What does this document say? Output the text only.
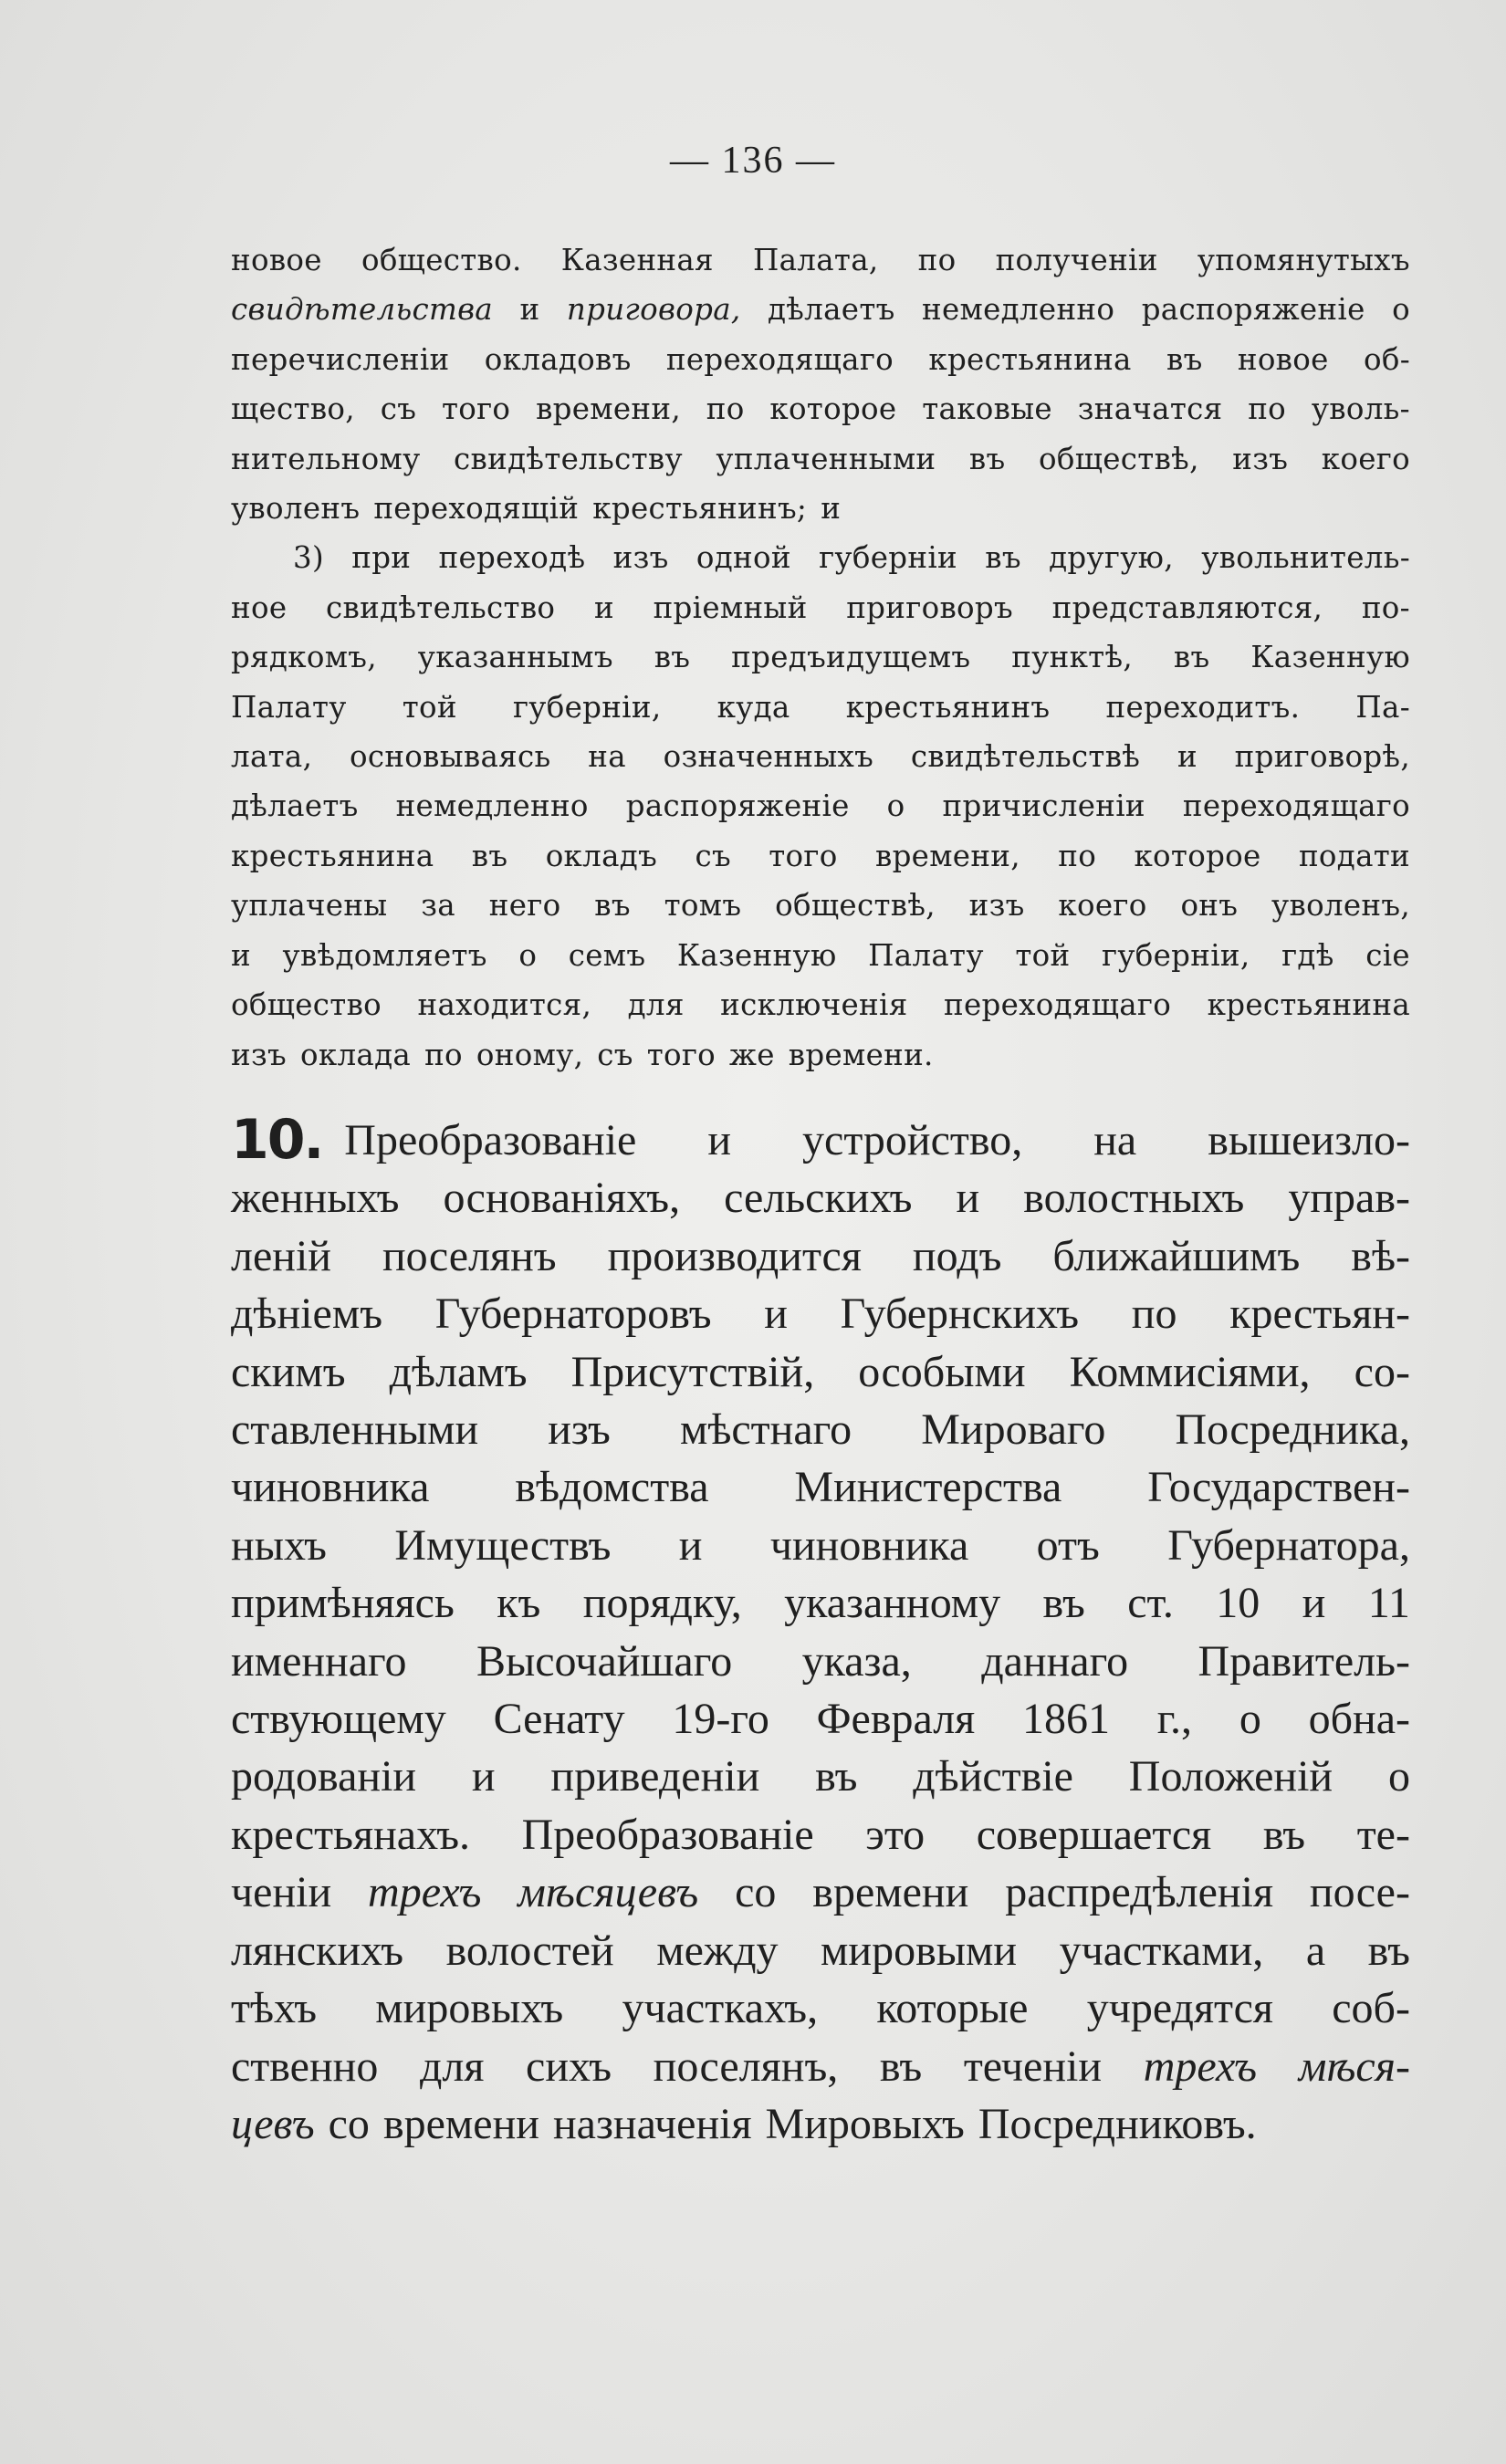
— 136 —
новое общество. Казенная Палата, по полученіи упомянутыхъ
свидѣтельства и приговора, дѣлаетъ немедленно распоряженіе о
перечисленіи окладовъ переходящаго крестьянина въ новое об-
щество, съ того времени, по которое таковые значатся по уволь-
нительному свидѣтельству уплаченными въ обществѣ, изъ коего
уволенъ переходящій крестьянинъ; и
3) при переходѣ изъ одной губерніи въ другую, увольнитель-
ное свидѣтельство и пріемный приговоръ представляются, по-
рядкомъ, указаннымъ въ предъидущемъ пунктѣ, въ Казенную
Палату той губерніи, куда крестьянинъ переходитъ. Па-
лата, основываясь на означенныхъ свидѣтельствѣ и приговорѣ,
дѣлаетъ немедленно распоряженіе о причисленіи переходящаго
крестьянина въ окладъ съ того времени, по которое подати
уплачены за него въ томъ обществѣ, изъ коего онъ уволенъ,
и увѣдомляетъ о семъ Казенную Палату той губерніи, гдѣ сіе
общество находится, для исключенія переходящаго крестьянина
изъ оклада по оному, съ того же времени.
10. Преобразованіе и устройство, на вышеизло-
женныхъ основаніяхъ, сельскихъ и волостныхъ управ-
леній поселянъ производится подъ ближайшимъ вѣ-
дѣніемъ Губернаторовъ и Губернскихъ по крестьян-
скимъ дѣламъ Присутствій, особыми Коммисіями, со-
ставленными изъ мѣстнаго Мироваго Посредника,
чиновника вѣдомства Министерства Государствен-
ныхъ Имуществъ и чиновника отъ Губернатора,
примѣняясь къ порядку, указанному въ ст. 10 и 11
именнаго Высочайшаго указа, даннаго Правитель-
ствующему Сенату 19-го Февраля 1861 г., о обна-
родованіи и приведеніи въ дѣйствіе Положеній о
крестьянахъ. Преобразованіе это совершается въ те-
ченіи трехъ мѣсяцевъ со времени распредѣленія посе-
лянскихъ волостей между мировыми участками, а въ
тѣхъ мировыхъ участкахъ, которые учредятся соб-
ственно для сихъ поселянъ, въ теченіи трехъ мѣся-
цевъ со времени назначенія Мировыхъ Посредниковъ.
